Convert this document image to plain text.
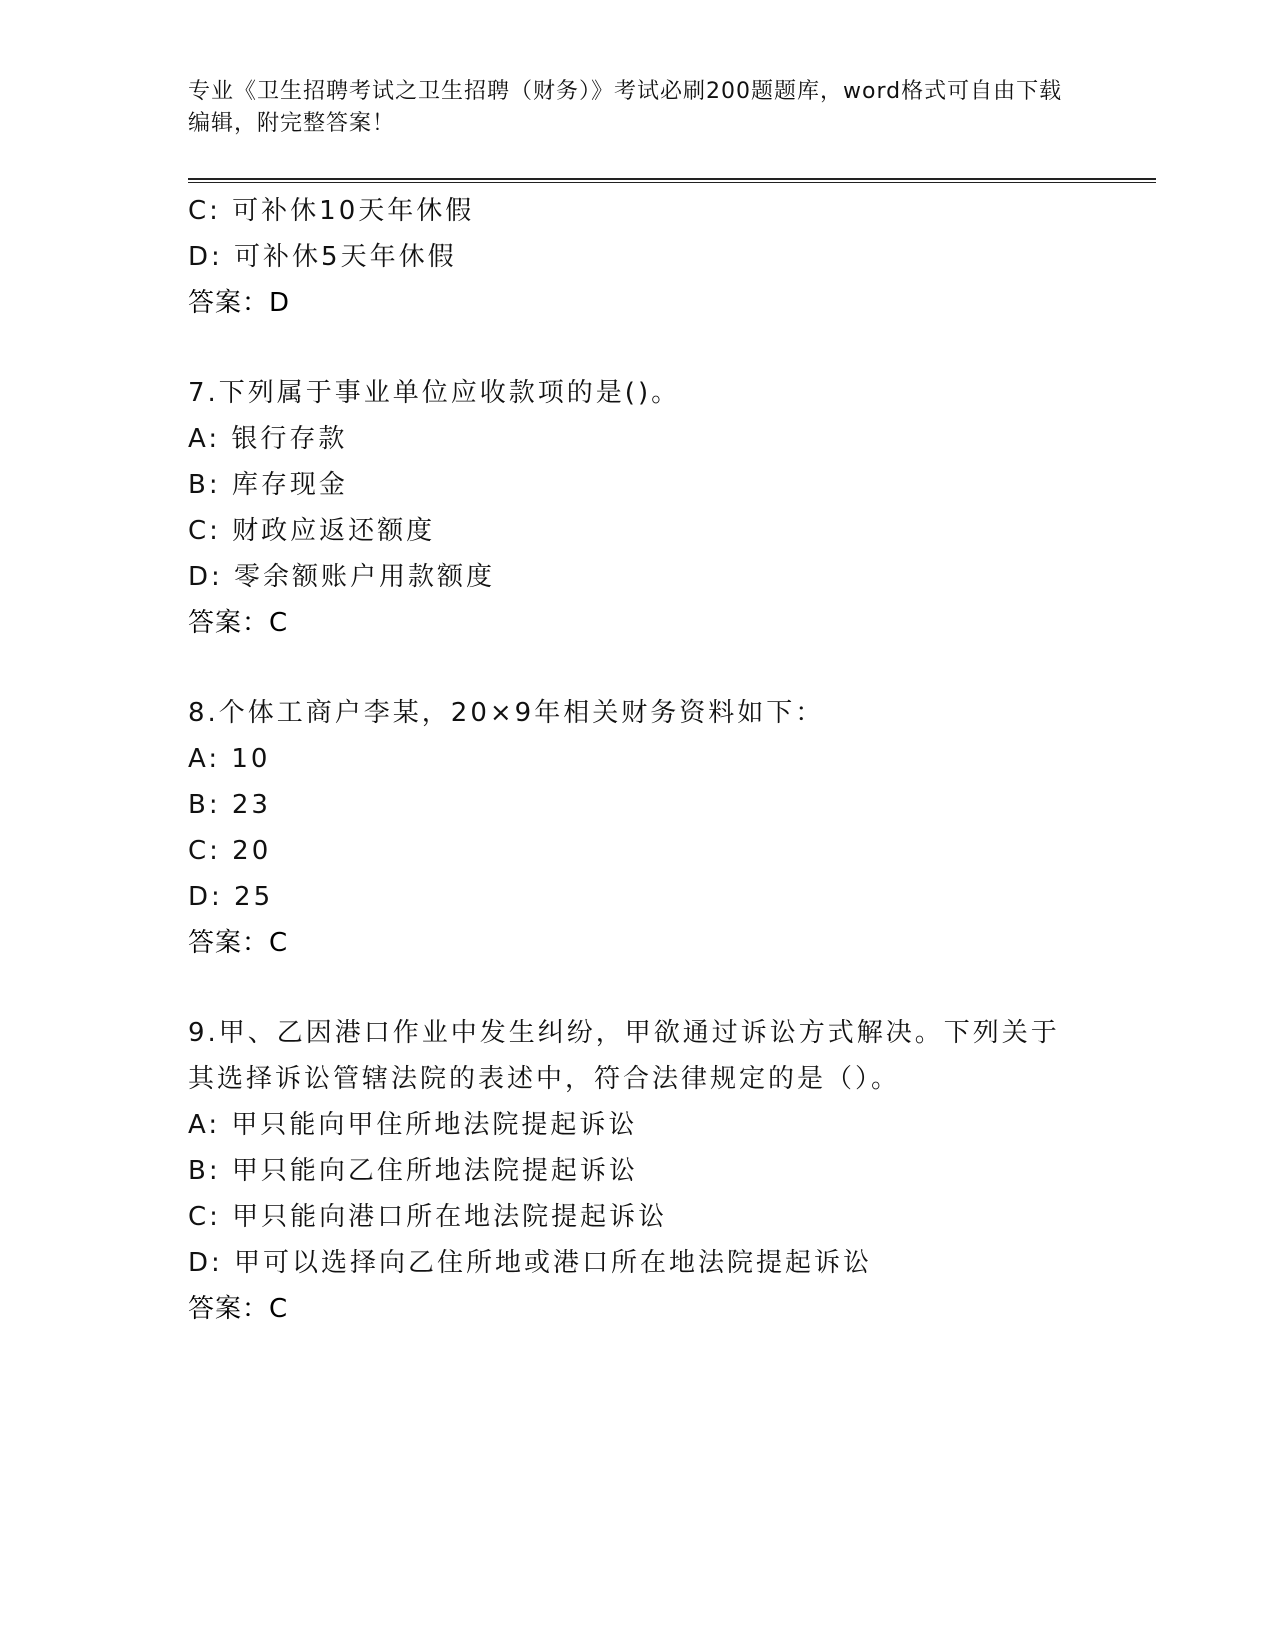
专业《卫生招聘考试之卫生招聘（财务）》考试必刷200题题库，word格式可自由下载编辑，附完整答案！
C: 可补休10天年休假
D: 可补休5天年休假
答案：D
7.下列属于事业单位应收款项的是()。
A: 银行存款
B: 库存现金
C: 财政应返还额度
D: 零余额账户用款额度
答案：C
8.个体工商户李某，20×9年相关财务资料如下：
A: 10
B: 23
C: 20
D: 25
答案：C
9.甲、乙因港口作业中发生纠纷，甲欲通过诉讼方式解决。下列关于其选择诉讼管辖法院的表述中，符合法律规定的是（）。
A: 甲只能向甲住所地法院提起诉讼
B: 甲只能向乙住所地法院提起诉讼
C: 甲只能向港口所在地法院提起诉讼
D: 甲可以选择向乙住所地或港口所在地法院提起诉讼
答案：C
